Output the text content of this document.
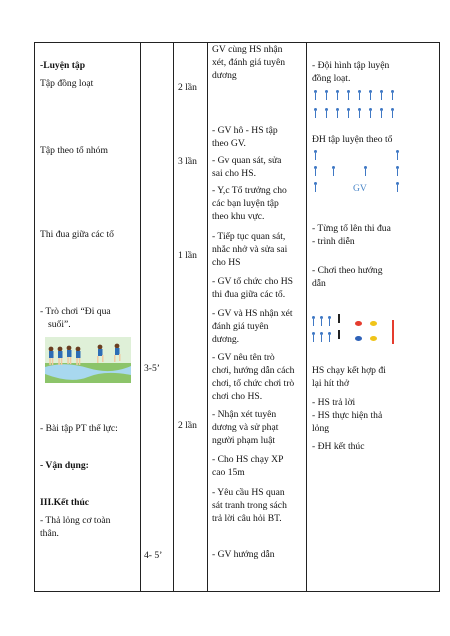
-Luyện tập
Tập đồng loạt
Tập theo tổ nhóm
Thi đua giữa các tổ
- Trò chơi “Đi qua
suối”.
- Bài tập PT thể lực:
- Vận dụng:
III.Kết thúc
- Thả lỏng cơ toàn
thân.
3-5’
4- 5’
2 lần
3 lần
1 lần
2 lần
GV cùng HS nhận
xét, đánh giá tuyên
dương
- GV hô - HS tập
theo GV.
- Gv quan sát, sửa
sai cho HS.
- Y,c Tổ trưởng cho
các bạn luyện tập
theo khu vực.
- Tiếp tục quan sát,
nhắc nhở và sửa sai
cho HS
- GV tổ chức cho HS
thi đua giữa các tổ.
- GV và HS nhận xét
đánh giá tuyên
dương.
- GV nêu tên trò
chơi, hướng dẫn cách
chơi, tổ chức chơi trò
chơi cho HS.
- Nhận xét tuyên
dương và sử phạt
người phạm luật
- Cho HS chạy XP
cao 15m
- Yêu cầu HS quan
sát tranh trong sách
trả lời câu hỏi BT.
- GV hướng dẫn
- Đội hình tập luyện
đồng loạt.
ĐH tập luyện theo tổ
GV
- Từng tổ lên thi đua
- trình diễn
- Chơi theo hướng
dẫn
HS chạy kết hợp đi
lại hít thở
- HS trả lời
- HS thực hiện thả
lỏng
- ĐH kết thúc
